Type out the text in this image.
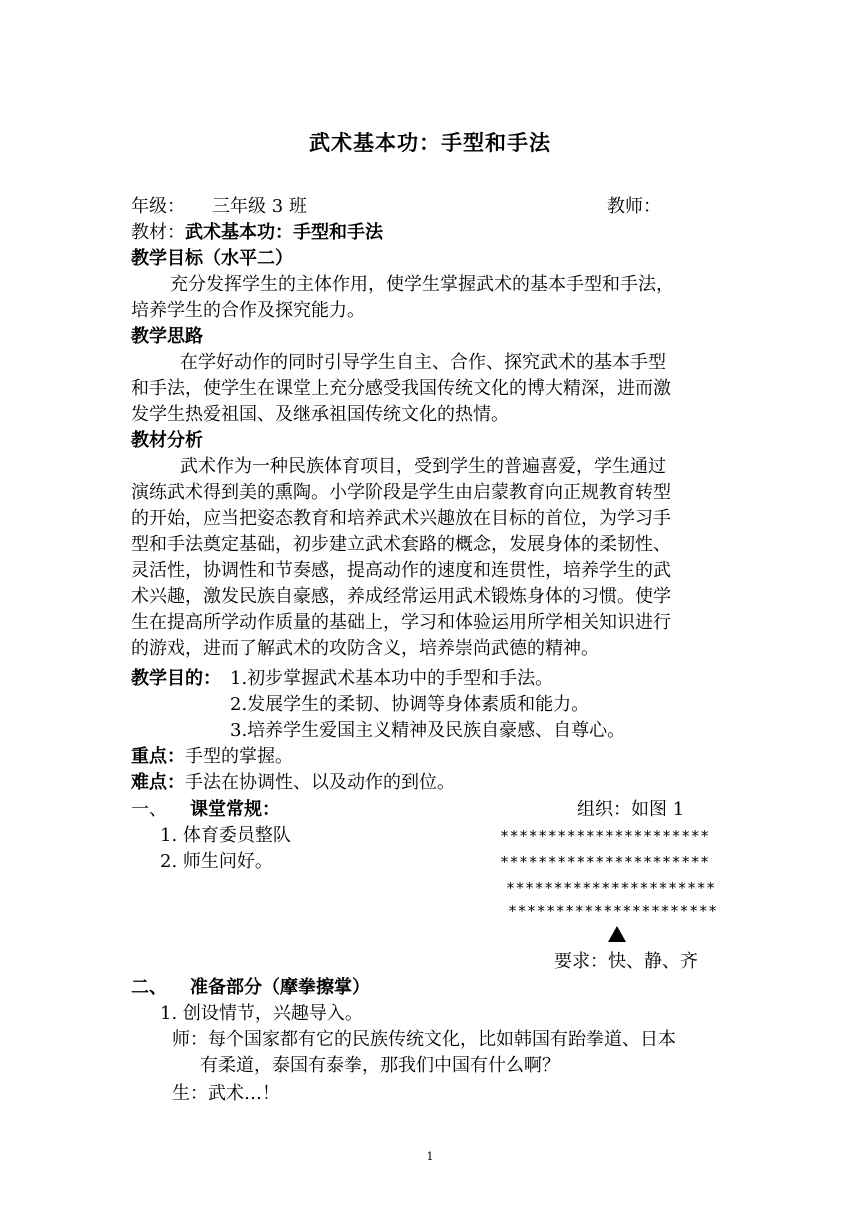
武术基本功：手型和手法
年级： 三年级 3 班	教师：
教材：武术基本功：手型和手法
教学目标（水平二）
充分发挥学生的主体作用，使学生掌握武术的基本手型和手法，
培养学生的合作及探究能力。
教学思路
在学好动作的同时引导学生自主、合作、探究武术的基本手型
和手法，使学生在课堂上充分感受我国传统文化的博大精深，进而激
发学生热爱祖国、及继承祖国传统文化的热情。
教材分析
武术作为一种民族体育项目，受到学生的普遍喜爱，学生通过
演练武术得到美的熏陶。小学阶段是学生由启蒙教育向正规教育转型
的开始，应当把姿态教育和培养武术兴趣放在目标的首位，为学习手
型和手法奠定基础，初步建立武术套路的概念，发展身体的柔韧性、
灵活性，协调性和节奏感，提高动作的速度和连贯性，培养学生的武
术兴趣，激发民族自豪感，养成经常运用武术锻炼身体的习惯。使学
生在提高所学动作质量的基础上，学习和体验运用所学相关知识进行
的游戏，进而了解武术的攻防含义，培养崇尚武德的精神。
教学目的： 1.初步掌握武术基本功中的手型和手法。
2.发展学生的柔韧、协调等身体素质和能力。
3.培养学生爱国主义精神及民族自豪感、自尊心。
重点：手型的掌握。
难点：手法在协调性、以及动作的到位。
一、 课堂常规：	组织：如图 1
1. 体育委员整队
2. 师生问好。
**********************
**********************
**********************
**********************
要求：快、静、齐
二、 准备部分（摩拳擦掌）
1. 创设情节，兴趣导入。
师：每个国家都有它的民族传统文化，比如韩国有跆拳道、日本
有柔道，泰国有泰拳，那我们中国有什么啊？
生：武术…！
1
